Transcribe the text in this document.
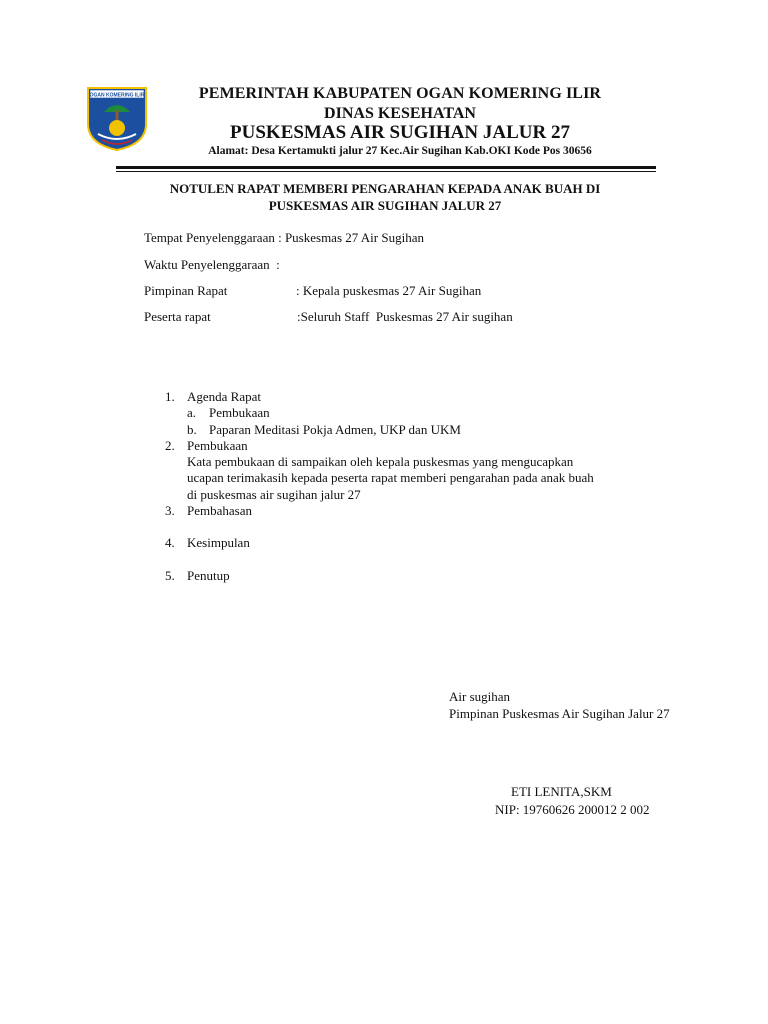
OGAN KOMERING ILIR	PEMERINTAH KABUPATEN OGAN KOMERING ILIR
DINAS KESEHATAN
PUSKESMAS AIR SUGIHAN JALUR 27
Alamat: Desa Kertamukti jalur 27 Kec.Air Sugihan Kab.OKI Kode Pos 30656
NOTULEN RAPAT MEMBERI PENGARAHAN KEPADA ANAK BUAH DI
PUSKESMAS AIR SUGIHAN JALUR 27
Tempat Penyelenggaraan : Puskesmas 27 Air Sugihan
Waktu Penyelenggaraan  :
Pimpinan Rapat	: Kepala puskesmas 27 Air Sugihan
Peserta rapat	:Seluruh Staff  Puskesmas 27 Air sugihan
1. Agenda Rapat
a. Pembukaan
b. Paparan Meditasi Pokja Admen, UKP dan UKM
2. Pembukaan
Kata pembukaan di sampaikan oleh kepala puskesmas yang mengucapkan
ucapan terimakasih kepada peserta rapat memberi pengarahan pada anak buah
di puskesmas air sugihan jalur 27
3. Pembahasan
4. Kesimpulan
5. Penutup
Air sugihan
Pimpinan Puskesmas Air Sugihan Jalur 27
ETI LENITA,SKM
NIP: 19760626 200012 2 002
